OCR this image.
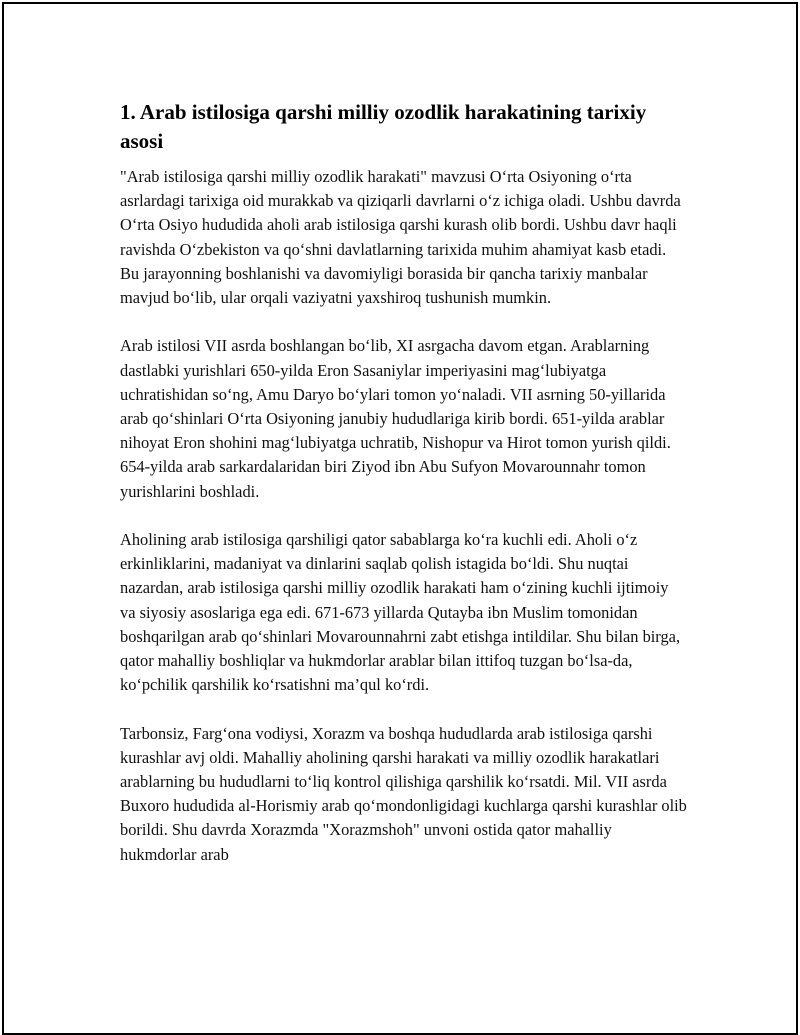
1. Arab istilosiga qarshi milliy ozodlik harakatining tarixiy asosi

"Arab istilosiga qarshi milliy ozodlik harakati" mavzusi O‘rta Osiyoning o‘rta asrlardagi tarixiga oid murakkab va qiziqarli davrlarni o‘z ichiga oladi. Ushbu davrda O‘rta Osiyo hududida aholi arab istilosiga qarshi kurash olib bordi. Ushbu davr haqli ravishda O‘zbekiston va qo‘shni davlatlarning tarixida muhim ahamiyat kasb etadi. Bu jarayonning boshlanishi va davomiyligi borasida bir qancha tarixiy manbalar mavjud bo‘lib, ular orqali vaziyatni yaxshiroq tushunish mumkin.

Arab istilosi VII asrda boshlangan bo‘lib, XI asrgacha davom etgan. Arablarning dastlabki yurishlari 650-yilda Eron Sasaniylar imperiyasini mag‘lubiyatga uchratishidan so‘ng, Amu Daryo bo‘ylari tomon yo‘naladi. VII asrning 50-yillarida arab qo‘shinlari O‘rta Osiyoning janubiy hududlariga kirib bordi. 651-yilda arablar nihoyat Eron shohini mag‘lubiyatga uchratib, Nishopur va Hirot tomon yurish qildi. 654-yilda arab sarkardalaridan biri Ziyod ibn Abu Sufyon Movarounnahr tomon yurishlarini boshladi.

Aholining arab istilosiga qarshiligi qator sabablarga ko‘ra kuchli edi. Aholi o‘z erkinliklarini, madaniyat va dinlarini saqlab qolish istagida bo‘ldi. Shu nuqtai nazardan, arab istilosiga qarshi milliy ozodlik harakati ham o‘zining kuchli ijtimoiy va siyosiy asoslariga ega edi. 671-673 yillarda Qutayba ibn Muslim tomonidan boshqarilgan arab qo‘shinlari Movarounnahrni zabt etishga intildilar. Shu bilan birga, qator mahalliy boshliqlar va hukmdorlar arablar bilan ittifoq tuzgan bo‘lsa-da, ko‘pchilik qarshilik ko‘rsatishni ma’qul ko‘rdi.

Tarbonsiz, Farg‘ona vodiysi, Xorazm va boshqa hududlarda arab istilosiga qarshi kurashlar avj oldi. Mahalliy aholining qarshi harakati va milliy ozodlik harakatlari arablarning bu hududlarni to‘liq kontrol qilishiga qarshilik ko‘rsatdi. Mil. VII asrda Buxoro hududida al-Horismiy arab qo‘mondonligidagi kuchlarga qarshi kurashlar olib borildi. Shu davrda Xorazmda "Xorazmshoh" unvoni ostida qator mahalliy hukmdorlar arab
